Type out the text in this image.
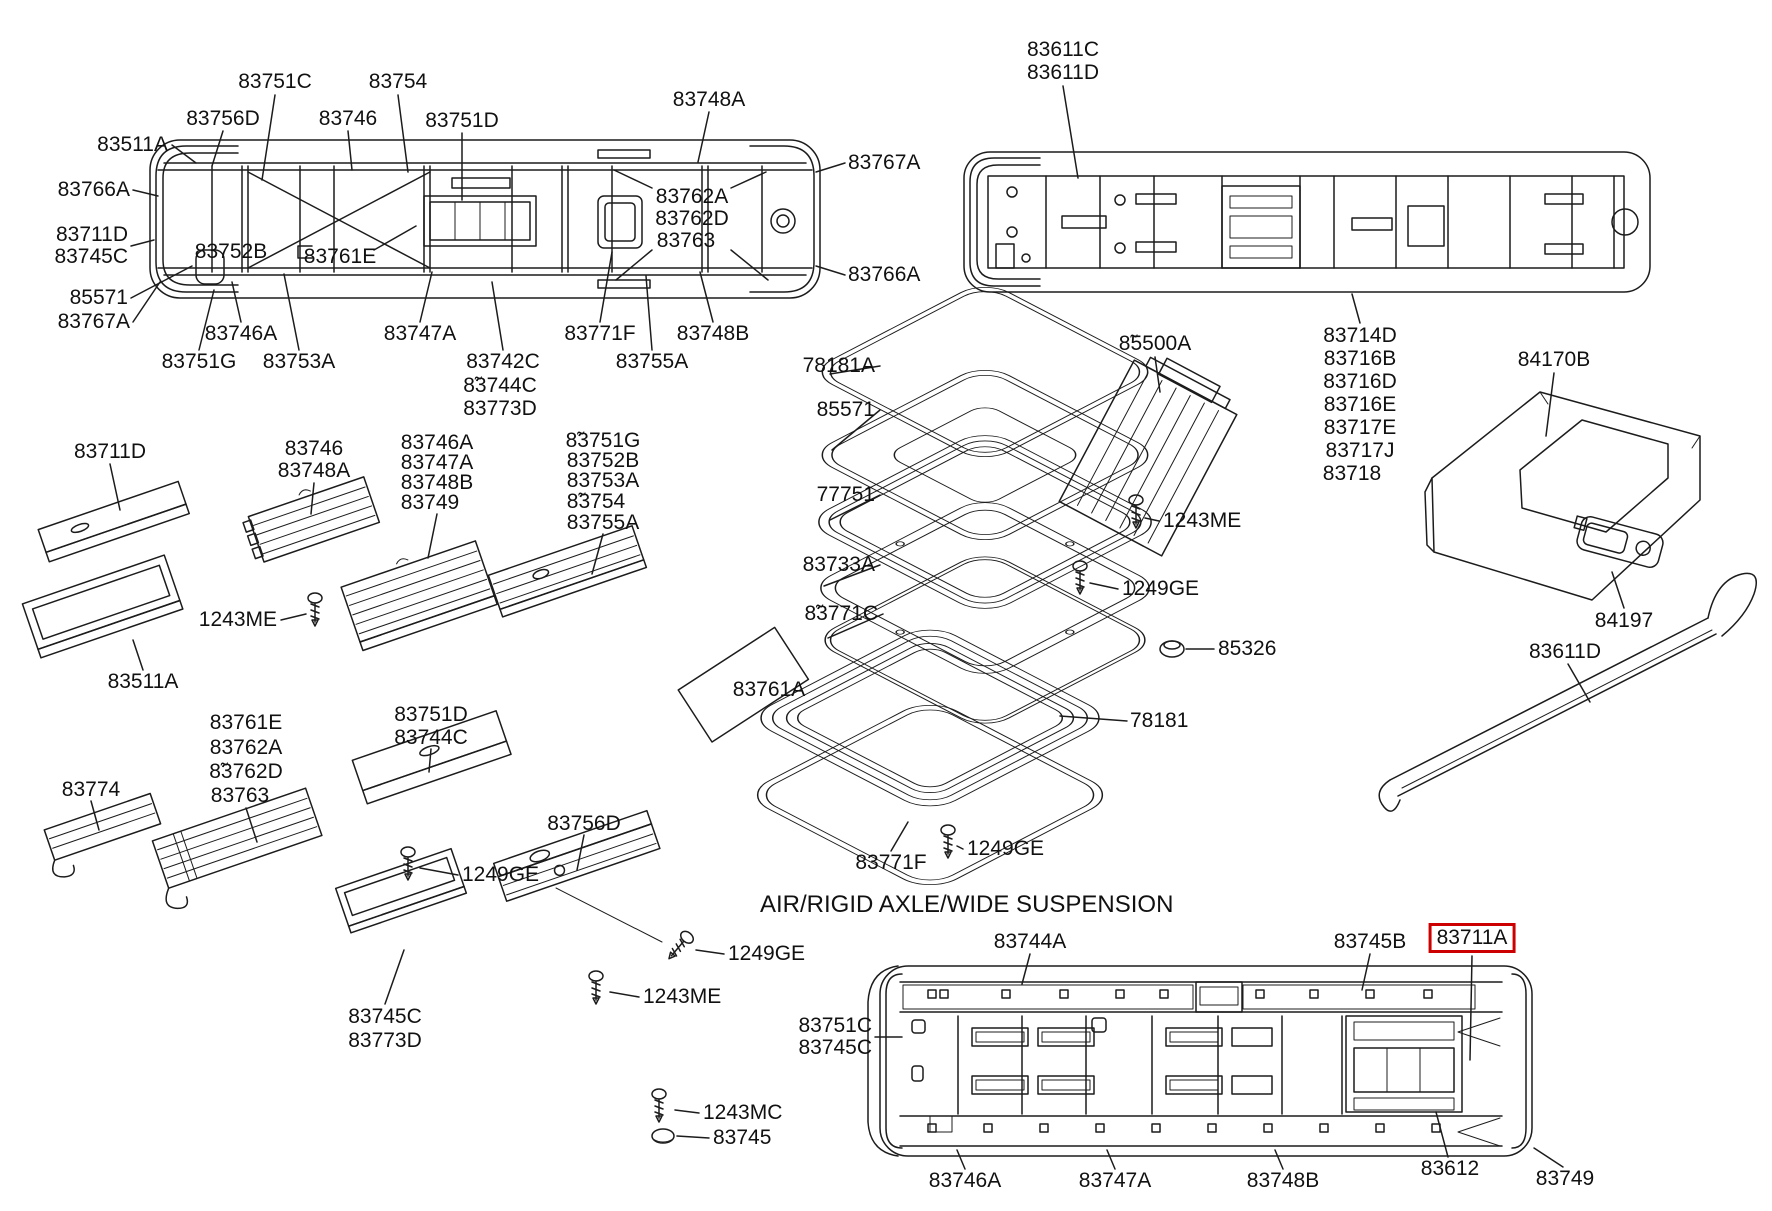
83751C	83754
83756D	83746 83751D
83748A
83511A
83766A
83711D
83745C
85571
83767A
83752B 83761E
83767A
83766A
83762A
83762D
83763
83746A	83747A	83771F 83748B
83751G 83753A	83742C
8̃3744C
83773D
83755A
83611C
83611D
83714D
83716B
83716D
83716E
83717E
83717J
83718
84170B
84197
83611D
78181A
85571
77751
83733A
8̃3771C
8̃5500A
1243ME
1249GE
85326
78181
83761A
83771F
1249GE
83711D
83511A
83746
83748A
1243ME
83746A
83747A
83748B
83749
8̃3751G
83752B
83753A
8̃3754
83755A
83774
83761E
83762A
8̃3762D
83763
83751D
83744C
1249GE
83745C
83773D
83756D
1249GE
1243ME
1243MC
83745
83744A	83745B	83711A
83751C
83745C
83746A	83747A	83748B
83612	83749
AIR/RIGID AXLE/WIDE SUSPENSION
